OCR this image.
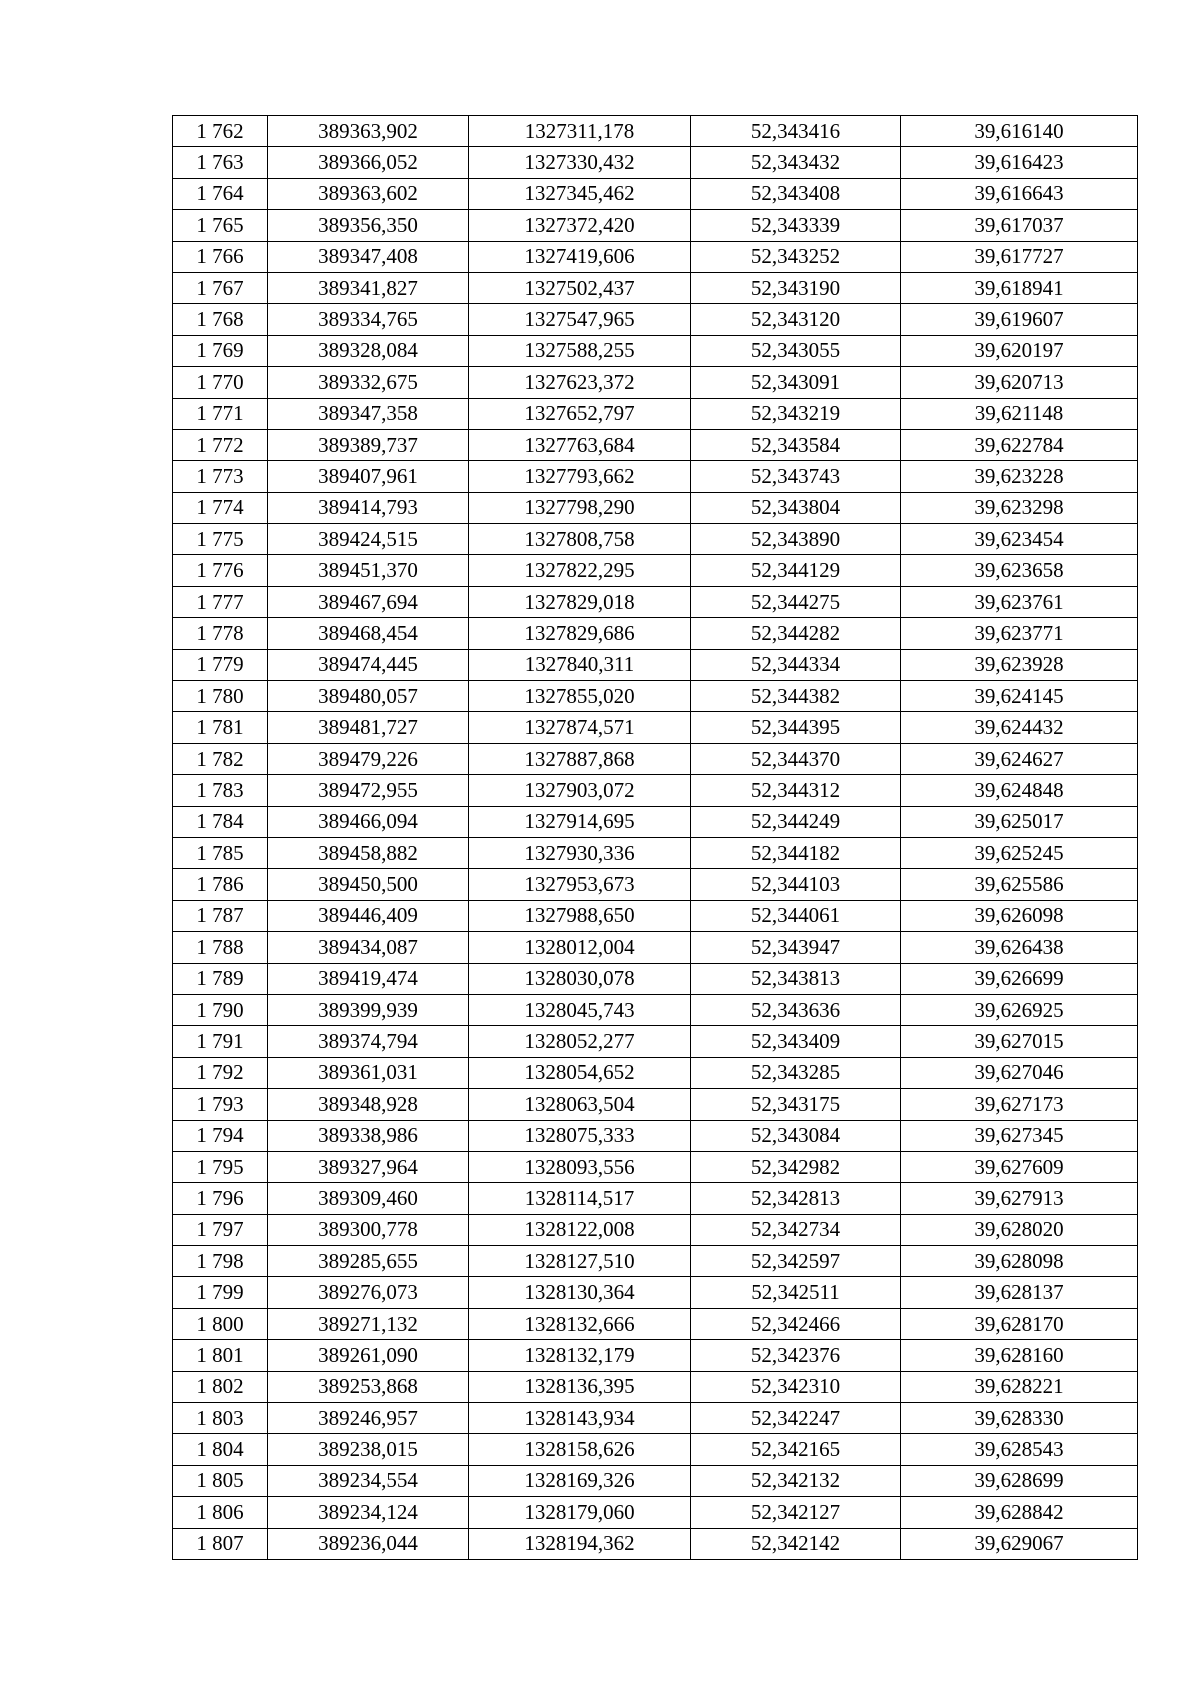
1 762	389363,902	1327311,178	52,343416	39,616140
1 763	389366,052	1327330,432	52,343432	39,616423
1 764	389363,602	1327345,462	52,343408	39,616643
1 765	389356,350	1327372,420	52,343339	39,617037
1 766	389347,408	1327419,606	52,343252	39,617727
1 767	389341,827	1327502,437	52,343190	39,618941
1 768	389334,765	1327547,965	52,343120	39,619607
1 769	389328,084	1327588,255	52,343055	39,620197
1 770	389332,675	1327623,372	52,343091	39,620713
1 771	389347,358	1327652,797	52,343219	39,621148
1 772	389389,737	1327763,684	52,343584	39,622784
1 773	389407,961	1327793,662	52,343743	39,623228
1 774	389414,793	1327798,290	52,343804	39,623298
1 775	389424,515	1327808,758	52,343890	39,623454
1 776	389451,370	1327822,295	52,344129	39,623658
1 777	389467,694	1327829,018	52,344275	39,623761
1 778	389468,454	1327829,686	52,344282	39,623771
1 779	389474,445	1327840,311	52,344334	39,623928
1 780	389480,057	1327855,020	52,344382	39,624145
1 781	389481,727	1327874,571	52,344395	39,624432
1 782	389479,226	1327887,868	52,344370	39,624627
1 783	389472,955	1327903,072	52,344312	39,624848
1 784	389466,094	1327914,695	52,344249	39,625017
1 785	389458,882	1327930,336	52,344182	39,625245
1 786	389450,500	1327953,673	52,344103	39,625586
1 787	389446,409	1327988,650	52,344061	39,626098
1 788	389434,087	1328012,004	52,343947	39,626438
1 789	389419,474	1328030,078	52,343813	39,626699
1 790	389399,939	1328045,743	52,343636	39,626925
1 791	389374,794	1328052,277	52,343409	39,627015
1 792	389361,031	1328054,652	52,343285	39,627046
1 793	389348,928	1328063,504	52,343175	39,627173
1 794	389338,986	1328075,333	52,343084	39,627345
1 795	389327,964	1328093,556	52,342982	39,627609
1 796	389309,460	1328114,517	52,342813	39,627913
1 797	389300,778	1328122,008	52,342734	39,628020
1 798	389285,655	1328127,510	52,342597	39,628098
1 799	389276,073	1328130,364	52,342511	39,628137
1 800	389271,132	1328132,666	52,342466	39,628170
1 801	389261,090	1328132,179	52,342376	39,628160
1 802	389253,868	1328136,395	52,342310	39,628221
1 803	389246,957	1328143,934	52,342247	39,628330
1 804	389238,015	1328158,626	52,342165	39,628543
1 805	389234,554	1328169,326	52,342132	39,628699
1 806	389234,124	1328179,060	52,342127	39,628842
1 807	389236,044	1328194,362	52,342142	39,629067
